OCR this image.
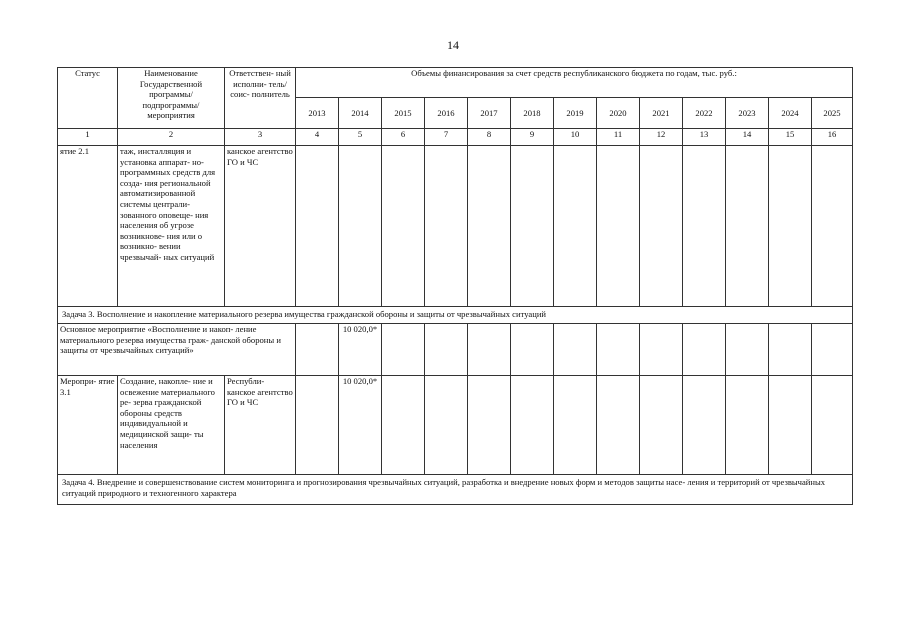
14
Статус	Наименование Государственной программы/ подпрограммы/ мероприятия	Ответствен- ный исполни- тель/ соис- полнитель	Объемы финансирования за счет средств республиканского бюджета по годам, тыс. руб.:												
			2013	2014	2015	2016	2017	2018	2019	2020	2021	2022	2023	2024	2025
1	2	3	4	5	6	7	8	9	10	11	12	13	14	15	16
ятие 2.1	таж, инсталляция и установка аппарат- но-программных средств для созда- ния региональной автоматизированной системы централи- зованного оповеще- ния населения об угрозе возникнове- ния или о возникно- вении чрезвычай- ных ситуаций	канское агентство ГО и ЧС													
Задача 3. Восполнение и накопление материального резерва имущества гражданской обороны и защиты от чрезвычайных ситуаций															
Основное мероприятие «Восполнение и накоп- ление материального резерва имущества граж- данской обороны и защиты от чрезвычайных ситуаций»				10 020,0*											
Меропри- ятие 3.1	Создание, накопле- ние и освежение материального ре- зерва гражданской обороны средств индивидуальной и медицинской защи- ты населения	Республи- канское агентство ГО и ЧС		10 020,0*											
Задача 4. Внедрение и совершенствование систем мониторинга и прогнозирования чрезвычайных ситуаций, разработка и внедрение новых форм и методов защиты насе- ления и территорий от чрезвычайных ситуаций природного и техногенного характера															
